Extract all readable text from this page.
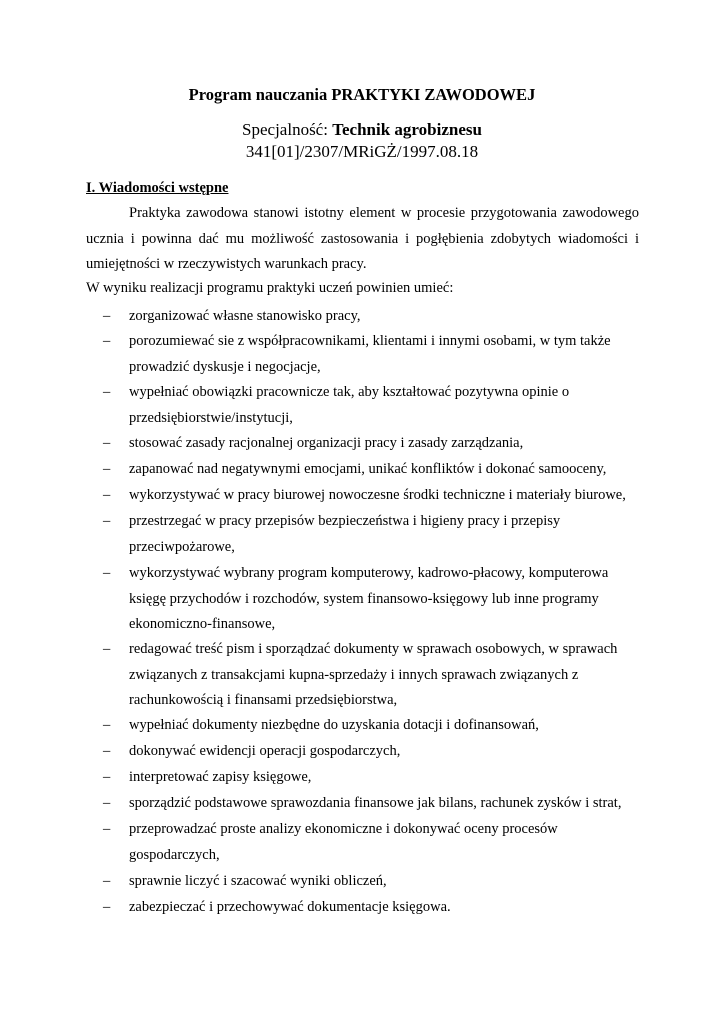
Program nauczania PRAKTYKI ZAWODOWEJ
Specjalność: Technik agrobiznesu
341[01]/2307/MRiGŻ/1997.08.18
I. Wiadomości wstępne

Praktyka zawodowa stanowi istotny element w procesie przygotowania zawodowego ucznia i powinna dać mu możliwość zastosowania i pogłębienia zdobytych wiadomości i umiejętności w rzeczywistych warunkach pracy.

W wyniku realizacji programu praktyki uczeń powinien umieć:

– zorganizować własne stanowisko pracy,
– porozumiewać sie z współpracownikami, klientami i innymi osobami, w tym także prowadzić dyskusje i negocjacje,
– wypełniać obowiązki pracownicze tak, aby kształtować pozytywna opinie o przedsiębiorstwie/instytucji,
– stosować zasady racjonalnej organizacji pracy i zasady zarządzania,
– zapanować nad negatywnymi emocjami, unikać konfliktów i dokonać samooceny,
– wykorzystywać w pracy biurowej nowoczesne środki techniczne i materiały biurowe,
– przestrzegać w pracy przepisów bezpieczeństwa i higieny pracy i przepisy przeciwpożarowe,
– wykorzystywać wybrany program komputerowy, kadrowo-płacowy, komputerowa księgę przychodów i rozchodów, system finansowo-księgowy lub inne programy ekonomiczno-finansowe,
– redagować treść pism i sporządzać dokumenty w sprawach osobowych, w sprawach związanych z transakcjami kupna-sprzedaży i innych sprawach związanych z rachunkowością i finansami przedsiębiorstwa,
– wypełniać dokumenty niezbędne do uzyskania dotacji i dofinansowań,
– dokonywać ewidencji operacji gospodarczych,
– interpretować zapisy księgowe,
– sporządzić podstawowe sprawozdania finansowe jak bilans, rachunek zysków i strat,
– przeprowadzać proste analizy ekonomiczne i dokonywać oceny procesów gospodarczych,
– sprawnie liczyć i szacować wyniki obliczeń,
– zabezpieczać i przechowywać dokumentacje księgowa.
